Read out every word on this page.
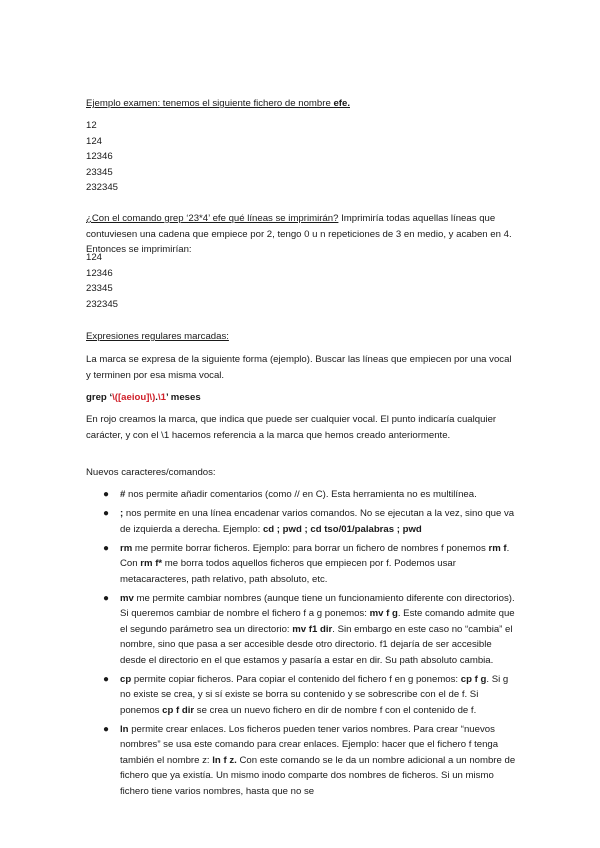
Ejemplo examen: tenemos el siguiente fichero de nombre efe.

12
124
12346
23345
232345

¿Con el comando grep ‘23*4’ efe qué líneas se imprimirán? Imprimiría todas aquellas líneas que contuviesen una cadena que empiece por 2, tengo 0 u n repeticiones de 3 en medio, y acaben en 4. Entonces se imprimirían:

124
12346
23345
232345

Expresiones regulares marcadas:

La marca se expresa de la siguiente forma (ejemplo). Buscar las líneas que empiecen por una vocal y terminen por esa misma vocal.

grep ‘\([aeiou]\).\1’ meses

En rojo creamos la marca, que indica que puede ser cualquier vocal. El punto indicaría cualquier carácter, y con el \1 hacemos referencia a la marca que hemos creado anteriormente.

Nuevos caracteres/comandos:

● # nos permite añadir comentarios (como // en C). Esta herramienta no es multilínea.
● ; nos permite en una línea encadenar varios comandos. No se ejecutan a la vez, sino que va de izquierda a derecha. Ejemplo: cd ; pwd ; cd tso/01/palabras ; pwd
● rm me permite borrar ficheros. Ejemplo: para borrar un fichero de nombres f ponemos rm f. Con rm f* me borra todos aquellos ficheros que empiecen por f. Podemos usar metacaracteres, path relativo, path absoluto, etc.
● mv me permite cambiar nombres (aunque tiene un funcionamiento diferente con directorios). Si queremos cambiar de nombre el fichero f a g ponemos: mv f g. Este comando admite que el segundo parámetro sea un directorio: mv f1 dir. Sin embargo en este caso no “cambia” el nombre, sino que pasa a ser accesible desde otro directorio. f1 dejaría de ser accesible desde el directorio en el que estamos y pasaría a estar en dir. Su path absoluto cambia.
● cp permite copiar ficheros. Para copiar el contenido del fichero f en g ponemos: cp f g. Si g no existe se crea, y si sí existe se borra su contenido y se sobrescribe con el de f. Si ponemos cp f dir se crea un nuevo fichero en dir de nombre f con el contenido de f.
● ln permite crear enlaces. Los ficheros pueden tener varios nombres. Para crear “nuevos nombres” se usa este comando para crear enlaces. Ejemplo: hacer que el fichero f tenga también el nombre z: ln f z. Con este comando se le da un nombre adicional a un nombre de fichero que ya existía. Un mismo inodo comparte dos nombres de ficheros. Si un mismo fichero tiene varios nombres, hasta que no se
